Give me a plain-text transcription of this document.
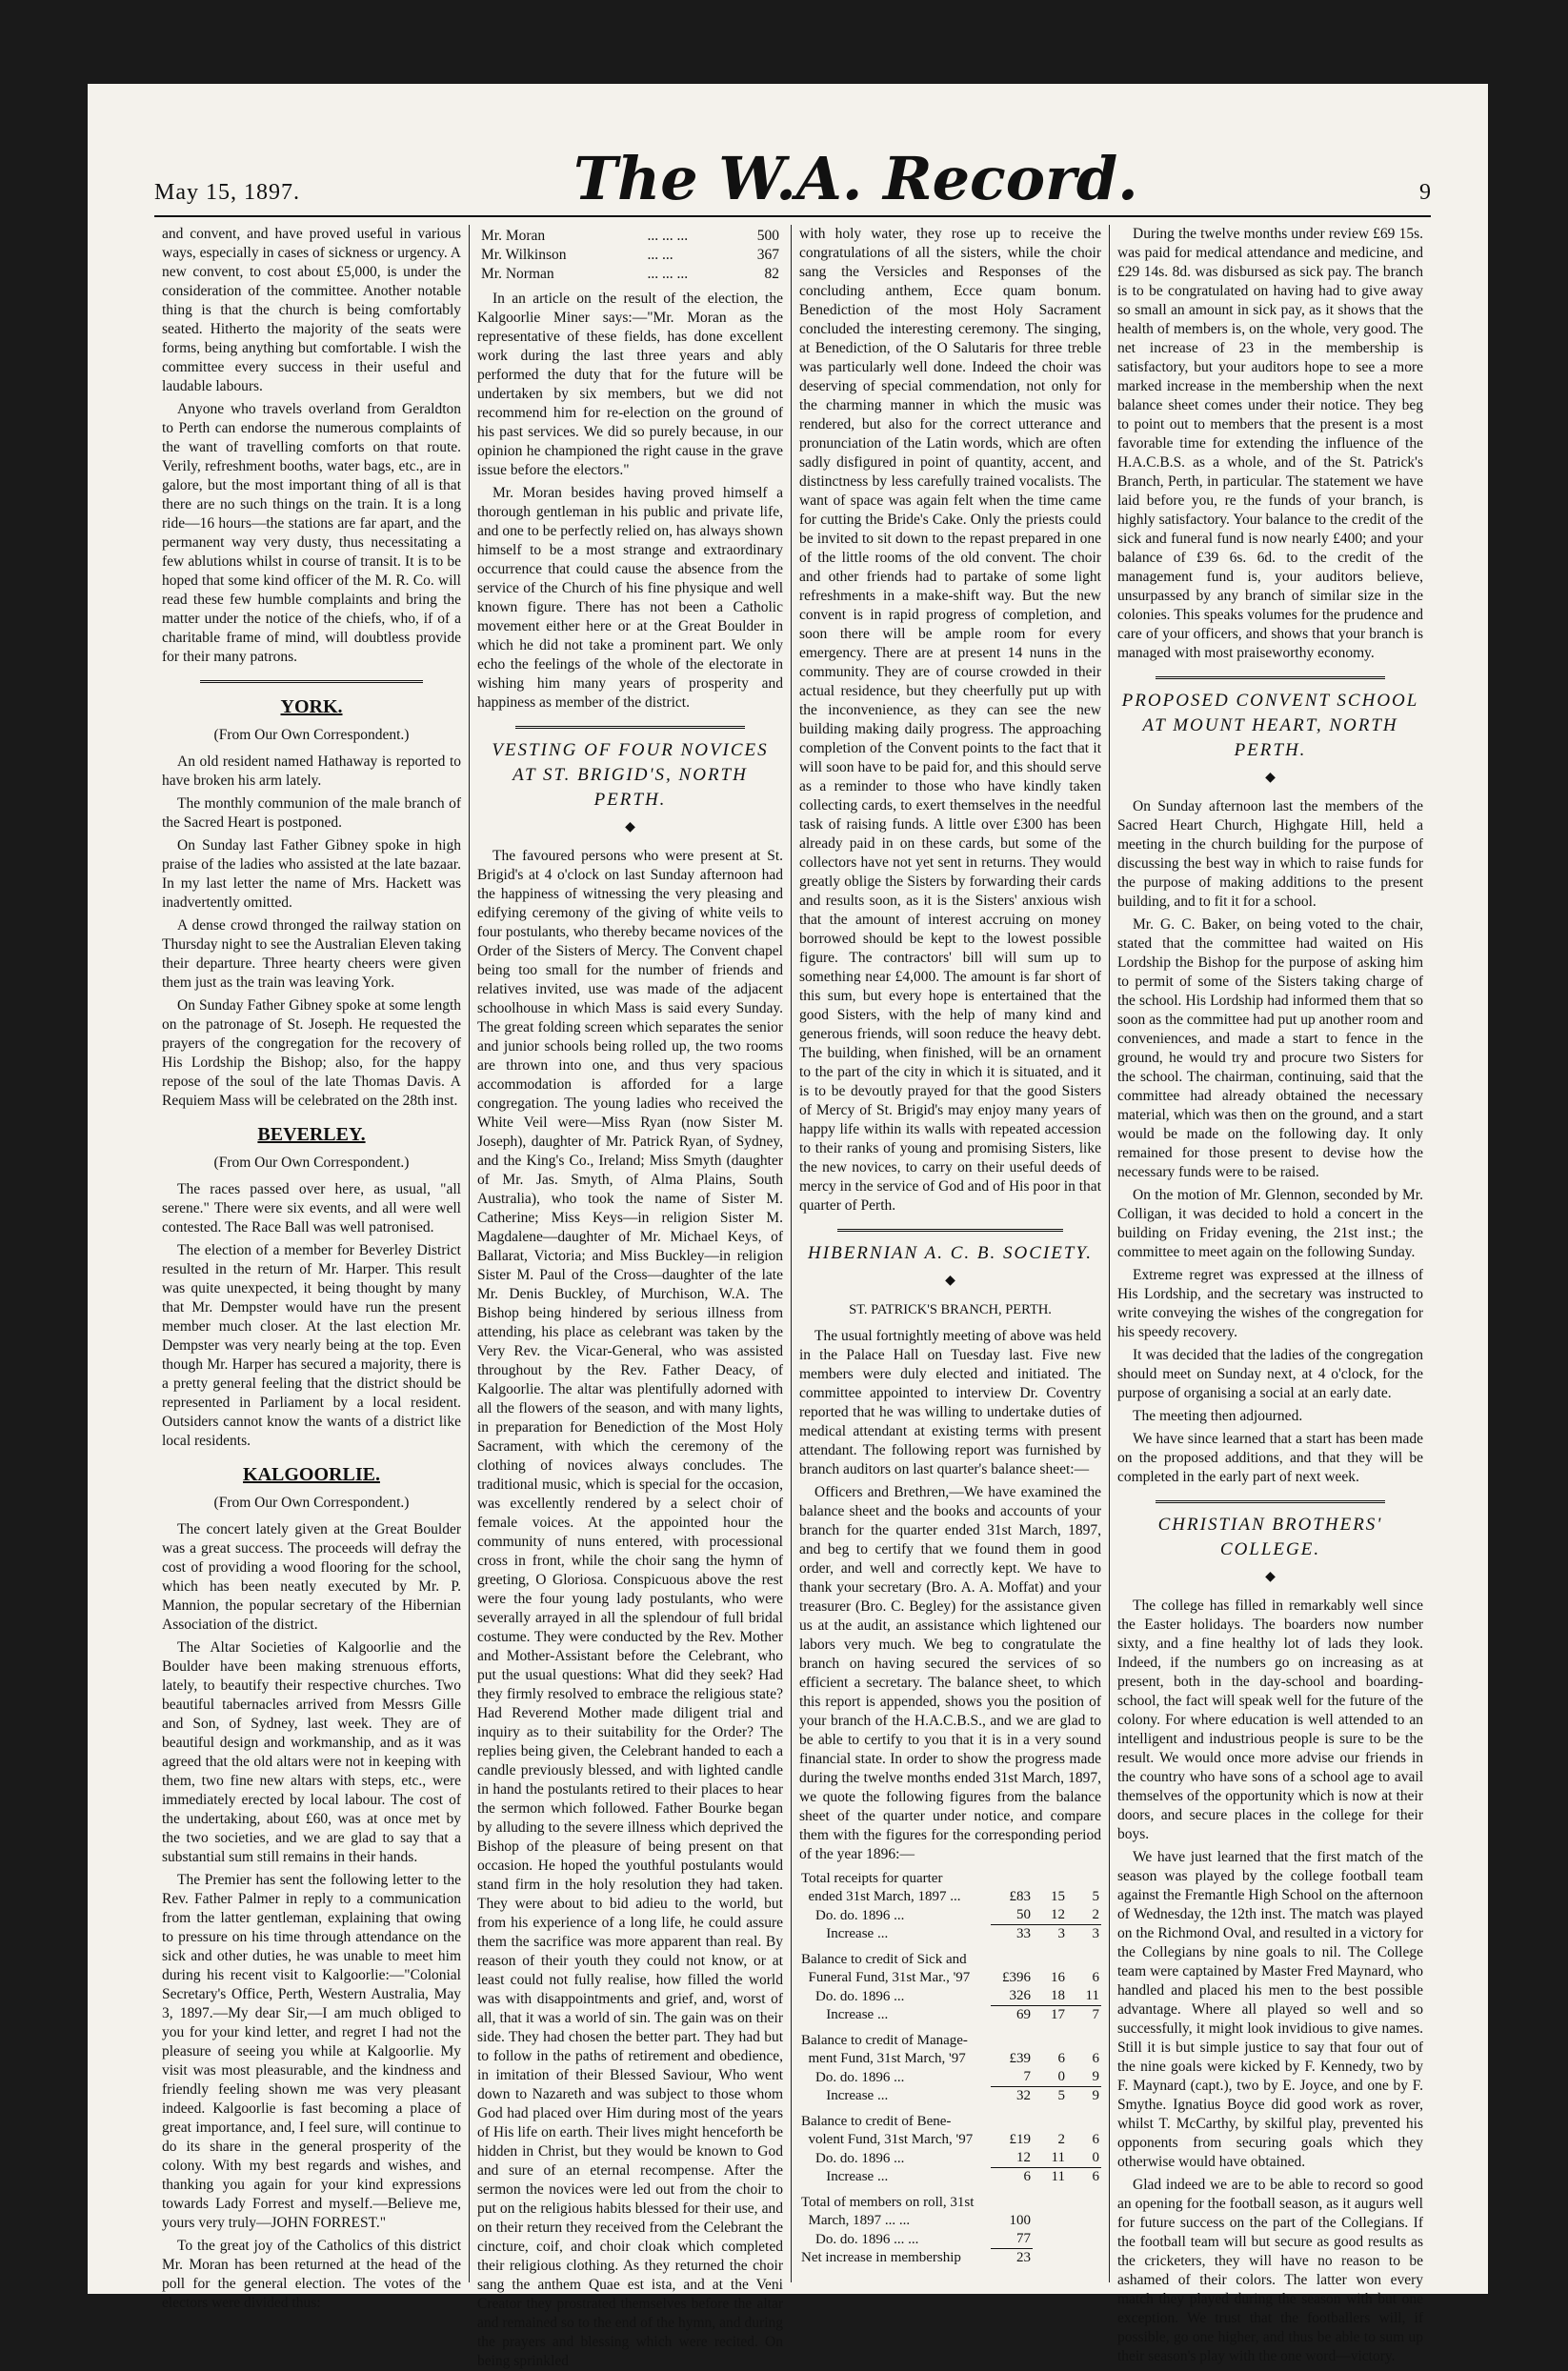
May 15, 1897.	The W.A. Record.	9

and convent, and have proved useful in various ways, especially in cases of sickness or urgency. A new convent, to cost about £5,000, is under the consideration of the committee. Another notable thing is that the church is being comfortably seated. Hitherto the majority of the seats were forms, being anything but comfortable. I wish the committee every success in their useful and laudable labours.

Anyone who travels overland from Geraldton to Perth can endorse the numerous complaints of the want of travelling comforts on that route. Verily, refreshment booths, water bags, etc., are in galore, but the most important thing of all is that there are no such things on the train. It is a long ride—16 hours—the stations are far apart, and the permanent way very dusty, thus necessitating a few ablutions whilst in course of transit. It is to be hoped that some kind officer of the M. R. Co. will read these few humble complaints and bring the matter under the notice of the chiefs, who, if of a charitable frame of mind, will doubtless provide for their many patrons.

YORK.
(From Our Own Correspondent.)

An old resident named Hathaway is reported to have broken his arm lately.

The monthly communion of the male branch of the Sacred Heart is postponed.

On Sunday last Father Gibney spoke in high praise of the ladies who assisted at the late bazaar. In my last letter the name of Mrs. Hackett was inadvertently omitted.

A dense crowd thronged the railway station on Thursday night to see the Australian Eleven taking their departure. Three hearty cheers were given them just as the train was leaving York.

On Sunday Father Gibney spoke at some length on the patronage of St. Joseph. He requested the prayers of the congregation for the recovery of His Lordship the Bishop; also, for the happy repose of the soul of the late Thomas Davis. A Requiem Mass will be celebrated on the 28th inst.

BEVERLEY.
(From Our Own Correspondent.)

The races passed over here, as usual, "all serene." There were six events, and all were well contested. The Race Ball was well patronised.

The election of a member for Beverley District resulted in the return of Mr. Harper. This result was quite unexpected, it being thought by many that Mr. Dempster would have run the present member much closer. At the last election Mr. Dempster was very nearly being at the top. Even though Mr. Harper has secured a majority, there is a pretty general feeling that the district should be represented in Parliament by a local resident. Outsiders cannot know the wants of a district like local residents.

KALGOORLIE.
(From Our Own Correspondent.)

The concert lately given at the Great Boulder was a great success. The proceeds will defray the cost of providing a wood flooring for the school, which has been neatly executed by Mr. P. Mannion, the popular secretary of the Hibernian Association of the district.

The Altar Societies of Kalgoorlie and the Boulder have been making strenuous efforts, lately, to beautify their respective churches. Two beautiful tabernacles arrived from Messrs Gille and Son, of Sydney, last week. They are of beautiful design and workmanship, and as it was agreed that the old altars were not in keeping with them, two fine new altars with steps, etc., were immediately erected by local labour. The cost of the undertaking, about £60, was at once met by the two societies, and we are glad to say that a substantial sum still remains in their hands.

The Premier has sent the following letter to the Rev. Father Palmer in reply to a communication from the latter gentleman, explaining that owing to pressure on his time through attendance on the sick and other duties, he was unable to meet him during his recent visit to Kalgoorlie:—"Colonial Secretary's Office, Perth, Western Australia, May 3, 1897.—My dear Sir,—I am much obliged to you for your kind letter, and regret I had not the pleasure of seeing you while at Kalgoorlie. My visit was most pleasurable, and the kindness and friendly feeling shown me was very pleasant indeed. Kalgoorlie is fast becoming a place of great importance, and, I feel sure, will continue to do its share in the general prosperity of the colony. With my best regards and wishes, and thanking you again for your kind expressions towards Lady Forrest and myself.—Believe me, yours very truly—JOHN FORREST."

To the great joy of the Catholics of this district Mr. Moran has been returned at the head of the poll for the general election. The votes of the electors were divided thus:

Mr. Moran	... ... ...	500
Mr. Wilkinson	... ...	367
Mr. Norman	... ... ...	82

In an article on the result of the election, the Kalgoorlie Miner says:—"Mr. Moran as the representative of these fields, has done excellent work during the last three years and ably performed the duty that for the future will be undertaken by six members, but we did not recommend him for re-election on the ground of his past services. We did so purely because, in our opinion he championed the right cause in the grave issue before the electors."

Mr. Moran besides having proved himself a thorough gentleman in his public and private life, and one to be perfectly relied on, has always shown himself to be a most strange and extraordinary occurrence that could cause the absence from the service of the Church of his fine physique and well known figure. There has not been a Catholic movement either here or at the Great Boulder in which he did not take a prominent part. We only echo the feelings of the whole of the electorate in wishing him many years of prosperity and happiness as member of the district.

VESTING OF FOUR NOVICES AT ST. BRIGID'S, NORTH PERTH.
◆

The favoured persons who were present at St. Brigid's at 4 o'clock on last Sunday afternoon had the happiness of witnessing the very pleasing and edifying ceremony of the giving of white veils to four postulants, who thereby became novices of the Order of the Sisters of Mercy. The Convent chapel being too small for the number of friends and relatives invited, use was made of the adjacent schoolhouse in which Mass is said every Sunday. The great folding screen which separates the senior and junior schools being rolled up, the two rooms are thrown into one, and thus very spacious accommodation is afforded for a large congregation. The young ladies who received the White Veil were—Miss Ryan (now Sister M. Joseph), daughter of Mr. Patrick Ryan, of Sydney, and the King's Co., Ireland; Miss Smyth (daughter of Mr. Jas. Smyth, of Alma Plains, South Australia), who took the name of Sister M. Catherine; Miss Keys—in religion Sister M. Magdalene—daughter of Mr. Michael Keys, of Ballarat, Victoria; and Miss Buckley—in religion Sister M. Paul of the Cross—daughter of the late Mr. Denis Buckley, of Murchison, W.A. The Bishop being hindered by serious illness from attending, his place as celebrant was taken by the Very Rev. the Vicar-General, who was assisted throughout by the Rev. Father Deacy, of Kalgoorlie. The altar was plentifully adorned with all the flowers of the season, and with many lights, in preparation for Benediction of the Most Holy Sacrament, with which the ceremony of the clothing of novices always concludes. The traditional music, which is special for the occasion, was excellently rendered by a select choir of female voices. At the appointed hour the community of nuns entered, with processional cross in front, while the choir sang the hymn of greeting, O Gloriosa. Conspicuous above the rest were the four young lady postulants, who were severally arrayed in all the splendour of full bridal costume. They were conducted by the Rev. Mother and Mother-Assistant before the Celebrant, who put the usual questions: What did they seek? Had they firmly resolved to embrace the religious state? Had Reverend Mother made diligent trial and inquiry as to their suitability for the Order? The replies being given, the Celebrant handed to each a candle previously blessed, and with lighted candle in hand the postulants retired to their places to hear the sermon which followed. Father Bourke began by alluding to the severe illness which deprived the Bishop of the pleasure of being present on that occasion. He hoped the youthful postulants would stand firm in the holy resolution they had taken. They were about to bid adieu to the world, but from his experience of a long life, he could assure them the sacrifice was more apparent than real. By reason of their youth they could not know, or at least could not fully realise, how filled the world was with disappointments and grief, and, worst of all, that it was a world of sin. The gain was on their side. They had chosen the better part. They had but to follow in the paths of retirement and obedience, in imitation of their Blessed Saviour, Who went down to Nazareth and was subject to those whom God had placed over Him during most of the years of His life on earth. Their lives might henceforth be hidden in Christ, but they would be known to God and sure of an eternal recompense. After the sermon the novices were led out from the choir to put on the religious habits blessed for their use, and on their return they received from the Celebrant the cincture, coif, and choir cloak which completed their religious clothing. As they returned the choir sang the anthem Quae est ista, and at the Veni Creator they prostrated themselves before the altar and remained so to the end of the hymn, and during the prayers and blessing which were recited. On being sprinkled

with holy water, they rose up to receive the congratulations of all the sisters, while the choir sang the Versicles and Responses of the concluding anthem, Ecce quam bonum. Benediction of the most Holy Sacrament concluded the interesting ceremony. The singing, at Benediction, of the O Salutaris for three treble was particularly well done. Indeed the choir was deserving of special commendation, not only for the charming manner in which the music was rendered, but also for the correct utterance and pronunciation of the Latin words, which are often sadly disfigured in point of quantity, accent, and distinctness by less carefully trained vocalists. The want of space was again felt when the time came for cutting the Bride's Cake. Only the priests could be invited to sit down to the repast prepared in one of the little rooms of the old convent. The choir and other friends had to partake of some light refreshments in a make-shift way. But the new convent is in rapid progress of completion, and soon there will be ample room for every emergency. There are at present 14 nuns in the community. They are of course crowded in their actual residence, but they cheerfully put up with the inconvenience, as they can see the new building making daily progress. The approaching completion of the Convent points to the fact that it will soon have to be paid for, and this should serve as a reminder to those who have kindly taken collecting cards, to exert themselves in the needful task of raising funds. A little over £300 has been already paid in on these cards, but some of the collectors have not yet sent in returns. They would greatly oblige the Sisters by forwarding their cards and results soon, as it is the Sisters' anxious wish that the amount of interest accruing on money borrowed should be kept to the lowest possible figure. The contractors' bill will sum up to something near £4,000. The amount is far short of this sum, but every hope is entertained that the good Sisters, with the help of many kind and generous friends, will soon reduce the heavy debt. The building, when finished, will be an ornament to the part of the city in which it is situated, and it is to be devoutly prayed for that the good Sisters of Mercy of St. Brigid's may enjoy many years of happy life within its walls with repeated accession to their ranks of young and promising Sisters, like the new novices, to carry on their useful deeds of mercy in the service of God and of His poor in that quarter of Perth.

HIBERNIAN A. C. B. SOCIETY.
◆
ST. PATRICK'S BRANCH, PERTH.

The usual fortnightly meeting of above was held in the Palace Hall on Tuesday last. Five new members were duly elected and initiated. The committee appointed to interview Dr. Coventry reported that he was willing to undertake duties of medical attendant at existing terms with present attendant. The following report was furnished by branch auditors on last quarter's balance sheet:—

Officers and Brethren,—We have examined the balance sheet and the books and accounts of your branch for the quarter ended 31st March, 1897, and beg to certify that we found them in good order, and well and correctly kept. We have to thank your secretary (Bro. A. A. Moffat) and your treasurer (Bro. C. Begley) for the assistance given us at the audit, an assistance which lightened our labors very much. We beg to congratulate the branch on having secured the services of so efficient a secretary. The balance sheet, to which this report is appended, shows you the position of your branch of the H.A.C.B.S., and we are glad to be able to certify to you that it is in a very sound financial state. In order to show the progress made during the twelve months ended 31st March, 1897, we quote the following figures from the balance sheet of the quarter under notice, and compare them with the figures for the corresponding period of the year 1896:—

Total receipts for quarter			
ended 31st March, 1897 ...	£83	15	5
Do. do. 1896 ...	50	12	2
Increase ...	33	3	3

Balance to credit of Sick and			
Funeral Fund, 31st Mar., '97	£396	16	6
Do. do. 1896 ...	326	18	11
Increase ...	69	17	7

Balance to credit of Manage-			
ment Fund, 31st March, '97	£39	6	6
Do. do. 1896 ...	7	0	9
Increase ...	32	5	9

Balance to credit of Bene-			
volent Fund, 31st March, '97	£19	2	6
Do. do. 1896 ...	12	11	0
Increase ...	6	11	6

Total of members on roll, 31st			
March, 1897 ... ...	100		
Do. do. 1896 ... ...	77		
Net increase in membership	23		

During the twelve months under review £69 15s. was paid for medical attendance and medicine, and £29 14s. 8d. was disbursed as sick pay. The branch is to be congratulated on having had to give away so small an amount in sick pay, as it shows that the health of members is, on the whole, very good. The net increase of 23 in the membership is satisfactory, but your auditors hope to see a more marked increase in the membership when the next balance sheet comes under their notice. They beg to point out to members that the present is a most favorable time for extending the influence of the H.A.C.B.S. as a whole, and of the St. Patrick's Branch, Perth, in particular. The statement we have laid before you, re the funds of your branch, is highly satisfactory. Your balance to the credit of the sick and funeral fund is now nearly £400; and your balance of £39 6s. 6d. to the credit of the management fund is, your auditors believe, unsurpassed by any branch of similar size in the colonies. This speaks volumes for the prudence and care of your officers, and shows that your branch is managed with most praiseworthy economy.

PROPOSED CONVENT SCHOOL AT MOUNT HEART, NORTH PERTH.
◆

On Sunday afternoon last the members of the Sacred Heart Church, Highgate Hill, held a meeting in the church building for the purpose of discussing the best way in which to raise funds for the purpose of making additions to the present building, and to fit it for a school.

Mr. G. C. Baker, on being voted to the chair, stated that the committee had waited on His Lordship the Bishop for the purpose of asking him to permit of some of the Sisters taking charge of the school. His Lordship had informed them that so soon as the committee had put up another room and conveniences, and made a start to fence in the ground, he would try and procure two Sisters for the school. The chairman, continuing, said that the committee had already obtained the necessary material, which was then on the ground, and a start would be made on the following day. It only remained for those present to devise how the necessary funds were to be raised.

On the motion of Mr. Glennon, seconded by Mr. Colligan, it was decided to hold a concert in the building on Friday evening, the 21st inst.; the committee to meet again on the following Sunday.

Extreme regret was expressed at the illness of His Lordship, and the secretary was instructed to write conveying the wishes of the congregation for his speedy recovery.

It was decided that the ladies of the congregation should meet on Sunday next, at 4 o'clock, for the purpose of organising a social at an early date.

The meeting then adjourned.

We have since learned that a start has been made on the proposed additions, and that they will be completed in the early part of next week.

CHRISTIAN BROTHERS' COLLEGE.
◆

The college has filled in remarkably well since the Easter holidays. The boarders now number sixty, and a fine healthy lot of lads they look. Indeed, if the numbers go on increasing as at present, both in the day-school and boarding-school, the fact will speak well for the future of the colony. For where education is well attended to an intelligent and industrious people is sure to be the result. We would once more advise our friends in the country who have sons of a school age to avail themselves of the opportunity which is now at their doors, and secure places in the college for their boys.

We have just learned that the first match of the season was played by the college football team against the Fremantle High School on the afternoon of Wednesday, the 12th inst. The match was played on the Richmond Oval, and resulted in a victory for the Collegians by nine goals to nil. The College team were captained by Master Fred Maynard, who handled and placed his men to the best possible advantage. Where all played so well and so successfully, it might look invidious to give names. Still it is but simple justice to say that four out of the nine goals were kicked by F. Kennedy, two by F. Maynard (capt.), two by E. Joyce, and one by F. Smythe. Ignatius Boyce did good work as rover, whilst T. McCarthy, by skilful play, prevented his opponents from securing goals which they otherwise would have obtained.

Glad indeed we are to be able to record so good an opening for the football season, as it augurs well for future success on the part of the Collegians. If the football team will but secure as good results as the cricketers, they will have no reason to be ashamed of their colors. The latter won every match they played during the season with but one exception. We trust that the footballers will, if possible, go one higher, and thus be able to sum up their season's play with the one word—victory.
